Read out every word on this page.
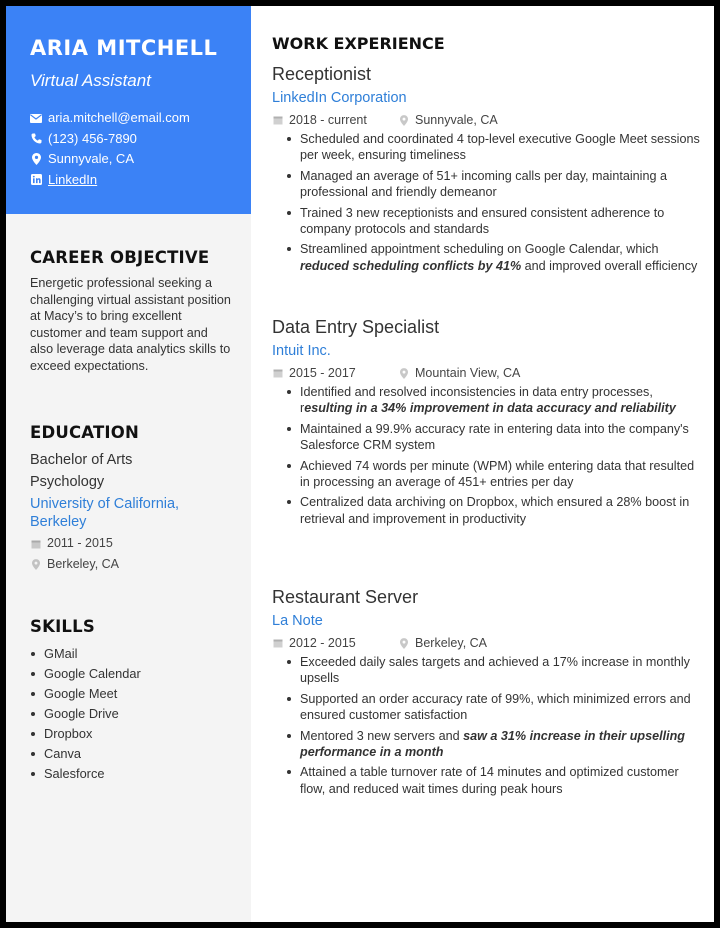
ARIA MITCHELL
Virtual Assistant
aria.mitchell@email.com
(123) 456-7890
Sunnyvale, CA
LinkedIn
CAREER OBJECTIVE
Energetic professional seeking a challenging virtual assistant position at Macy’s to bring excellent customer and team support and also leverage data analytics skills to exceed expectations.
EDUCATION
Bachelor of Arts
Psychology
University of California, Berkeley
2011 - 2015
Berkeley, CA
SKILLS
GMail
Google Calendar
Google Meet
Google Drive
Dropbox
Canva
Salesforce
WORK EXPERIENCE
Receptionist
LinkedIn Corporation
2018 - current	Sunnyvale, CA
Scheduled and coordinated 4 top-level executive Google Meet sessions per week, ensuring timeliness
Managed an average of 51+ incoming calls per day, maintaining a professional and friendly demeanor
Trained 3 new receptionists and ensured consistent adherence to company protocols and standards
Streamlined appointment scheduling on Google Calendar, which reduced scheduling conflicts by 41% and improved overall efficiency
Data Entry Specialist
Intuit Inc.
2015 - 2017	Mountain View, CA
Identified and resolved inconsistencies in data entry processes, resulting in a 34% improvement in data accuracy and reliability
Maintained a 99.9% accuracy rate in entering data into the company's Salesforce CRM system
Achieved 74 words per minute (WPM) while entering data that resulted in processing an average of 451+ entries per day
Centralized data archiving on Dropbox, which ensured a 28% boost in retrieval and improvement in productivity
Restaurant Server
La Note
2012 - 2015	Berkeley, CA
Exceeded daily sales targets and achieved a 17% increase in monthly upsells
Supported an order accuracy rate of 99%, which minimized errors and ensured customer satisfaction
Mentored 3 new servers and saw a 31% increase in their upselling performance in a month
Attained a table turnover rate of 14 minutes and optimized customer flow, and reduced wait times during peak hours
